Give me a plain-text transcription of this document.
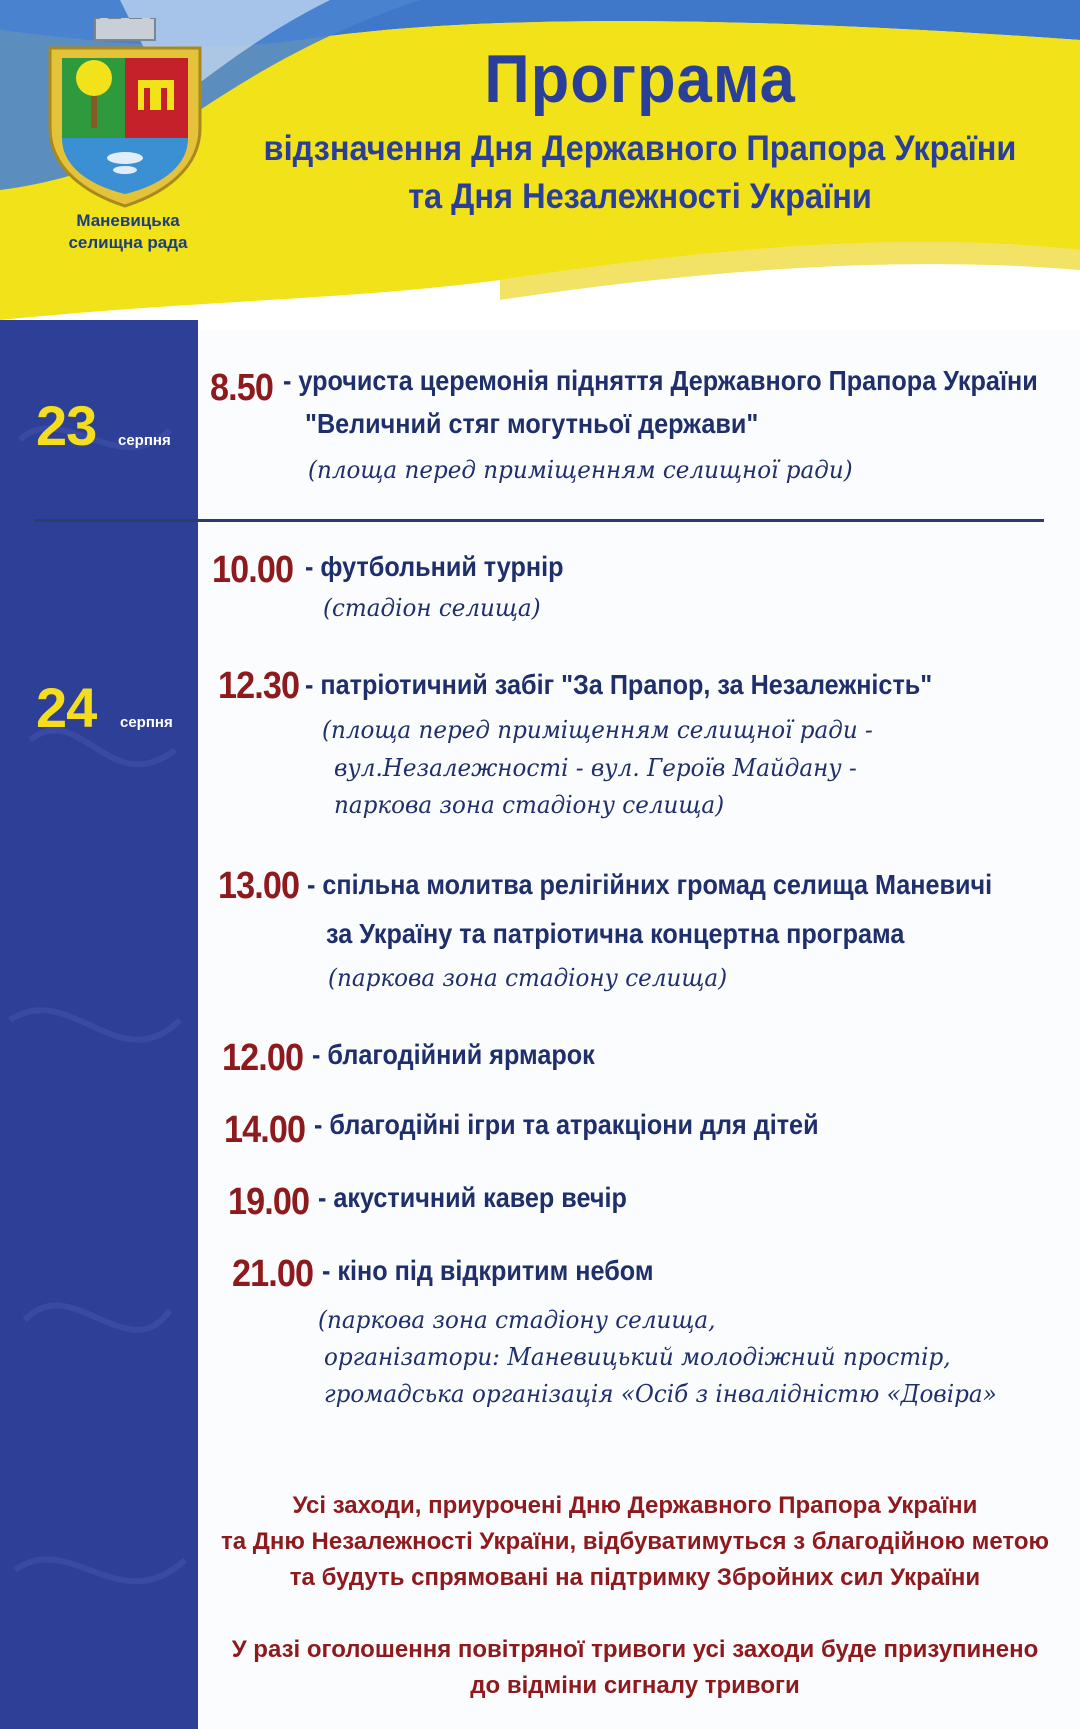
Маневицька
селищна рада
Програма
відзначення Дня Державного Прапора України
та Дня Незалежності України
23 серпня
24 серпня
8.50 - урочиста церемонія підняття Державного Прапора України
"Величний стяг могутньої держави"
(площа перед приміщенням селищної ради)
10.00 - футбольний турнір
(стадіон селища)
12.30 - патріотичний забіг "За Прапор, за Незалежність"
(площа перед приміщенням селищної ради -
вул.Незалежності - вул. Героїв Майдану -
паркова зона стадіону селища)
13.00 - спільна молитва релігійних громад селища Маневичі
за Україну та патріотична концертна програма
(паркова зона стадіону селища)
12.00 - благодійний ярмарок
14.00 - благодійні ігри та атракціони для дітей
19.00 - акустичний кавер вечір
21.00 - кіно під відкритим небом
(паркова зона стадіону селища,
організатори: Маневицький молодіжний простір,
громадська організація «Осіб з інвалідністю «Довіра»
Усі заходи, приурочені Дню Державного Прапора України
та Дню Незалежності України, відбуватимуться з благодійною метою
та будуть спрямовані на підтримку Збройних сил України
У разі оголошення повітряної тривоги усі заходи буде призупинено
до відміни сигналу тривоги
